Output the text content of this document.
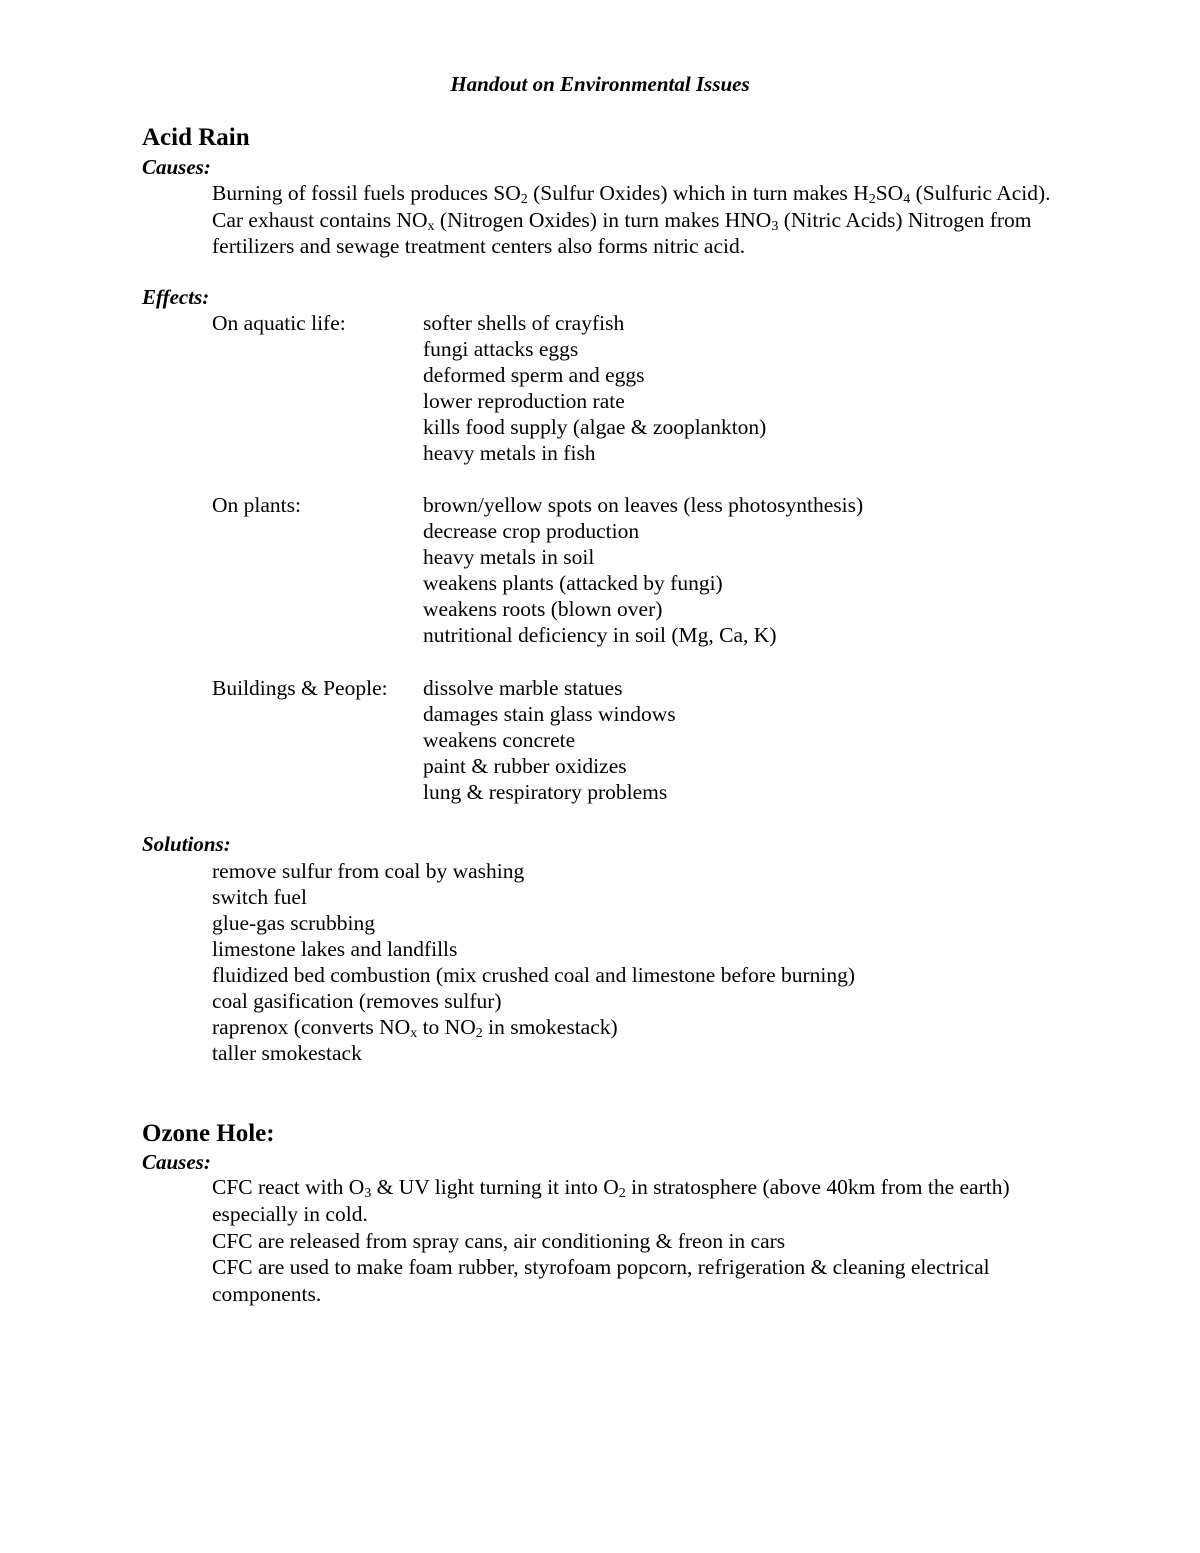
Handout on Environmental Issues
Acid Rain
Causes:
Burning of fossil fuels produces $SO_2$ (Sulfur Oxides) which in turn makes $H_2SO_4$ (Sulfuric Acid). Car exhaust contains $NO_x$ (Nitrogen Oxides) in turn makes $HNO_3$ (Nitric Acids) Nitrogen from fertilizers and sewage treatment centers also forms nitric acid.
Effects:
On aquatic life:	softer shells of crayfish
fungi attacks eggs
deformed sperm and eggs
lower reproduction rate
kills food supply (algae & zooplankton)
heavy metals in fish
On plants:	brown/yellow spots on leaves (less photosynthesis)
decrease crop production
heavy metals in soil
weakens plants (attacked by fungi)
weakens roots (blown over)
nutritional deficiency in soil (Mg, Ca, K)
Buildings & People: dissolve marble statues
damages stain glass windows
weakens concrete
paint & rubber oxidizes
lung & respiratory problems
Solutions:
remove sulfur from coal by washing
switch fuel
glue-gas scrubbing
limestone lakes and landfills
fluidized bed combustion (mix crushed coal and limestone before burning)
coal gasification (removes sulfur)
raprenox (converts $NO_x$ to $NO_2$ in smokestack)
taller smokestack
Ozone Hole:
Causes:
CFC react with $O_3$ & UV light turning it into $O_2$ in stratosphere (above 40km from the earth) especially in cold.
CFC are released from spray cans, air conditioning & freon in cars
CFC are used to make foam rubber, styrofoam popcorn, refrigeration & cleaning electrical components.
